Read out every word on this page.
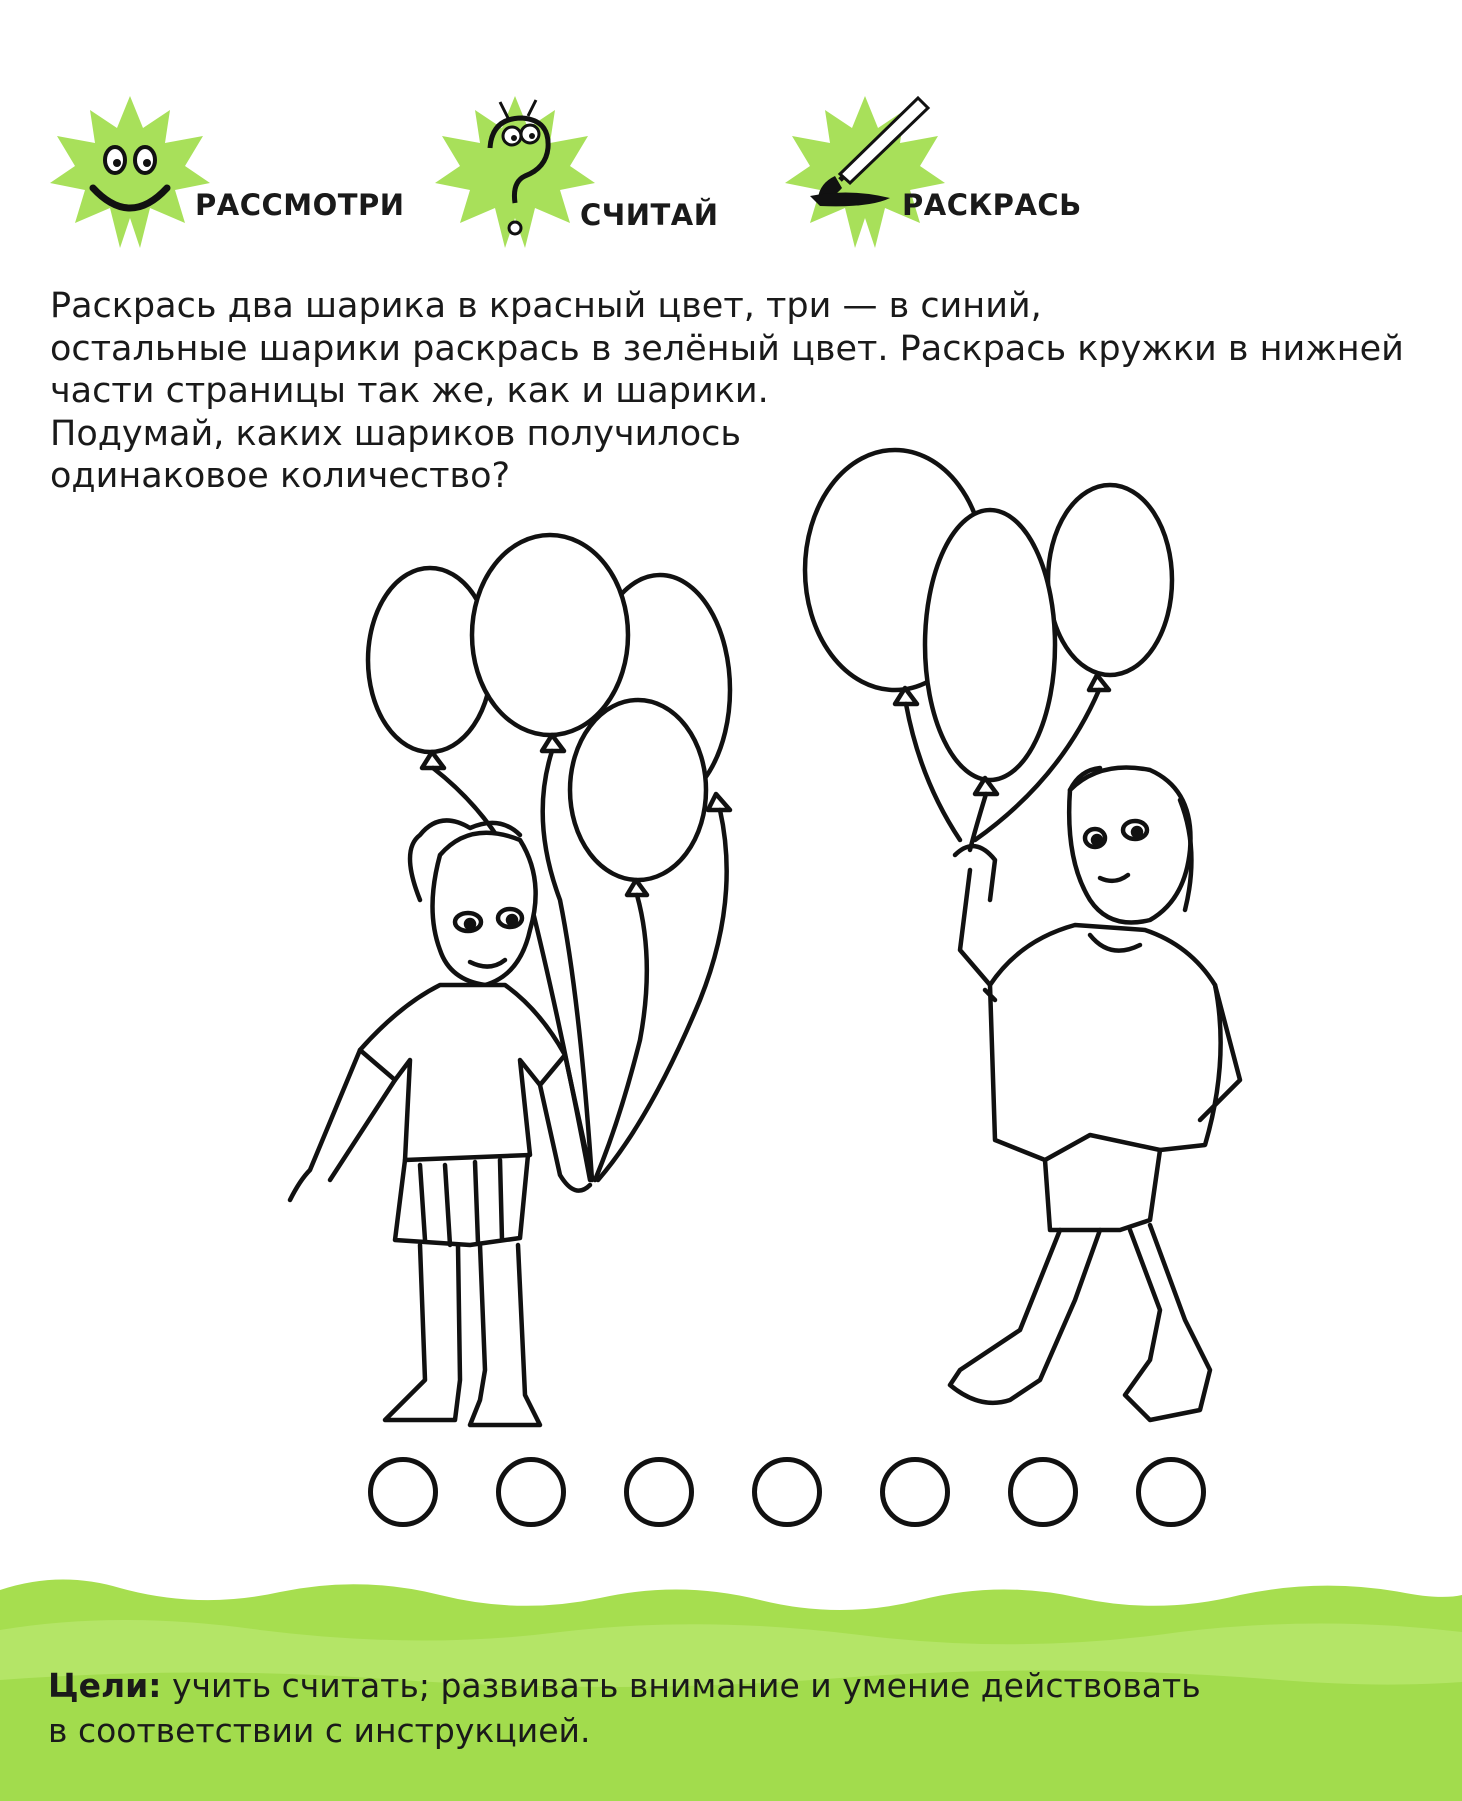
РАССМОТРИ	СЧИТАЙ	РАСКРАСЬ
Раскрась два шарика в красный цвет, три — в синий,
остальные шарики раскрась в зелёный цвет. Раскрась кружки в нижней
части страницы так же, как и шарики.
Подумай, каких шариков получилось
одинаковое количество?
Цели: учить считать; развивать внимание и умение действовать
в соответствии с инструкцией.
